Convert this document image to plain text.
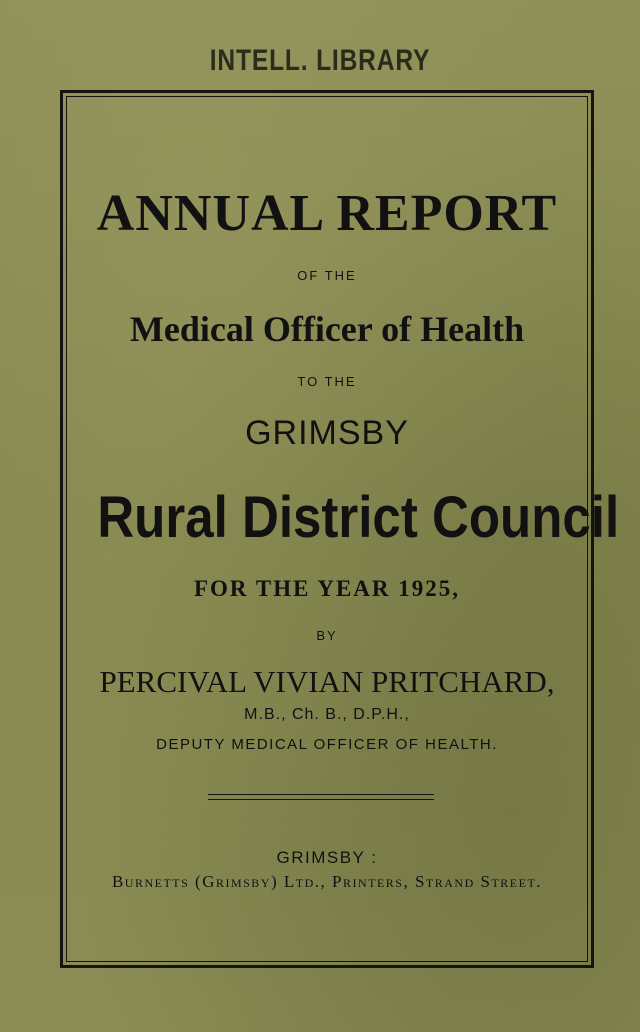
INTELL. LIBRARY
ANNUAL REPORT
OF THE
Medical Officer of Health
TO THE
GRIMSBY
Rural District Council
FOR THE YEAR 1925,
BY
PERCIVAL VIVIAN PRITCHARD,
M.B., Ch. B., D.P.H.,
DEPUTY MEDICAL OFFICER OF HEALTH.
GRIMSBY :
Burnetts (Grimsby) Ltd., Printers, Strand Street.
